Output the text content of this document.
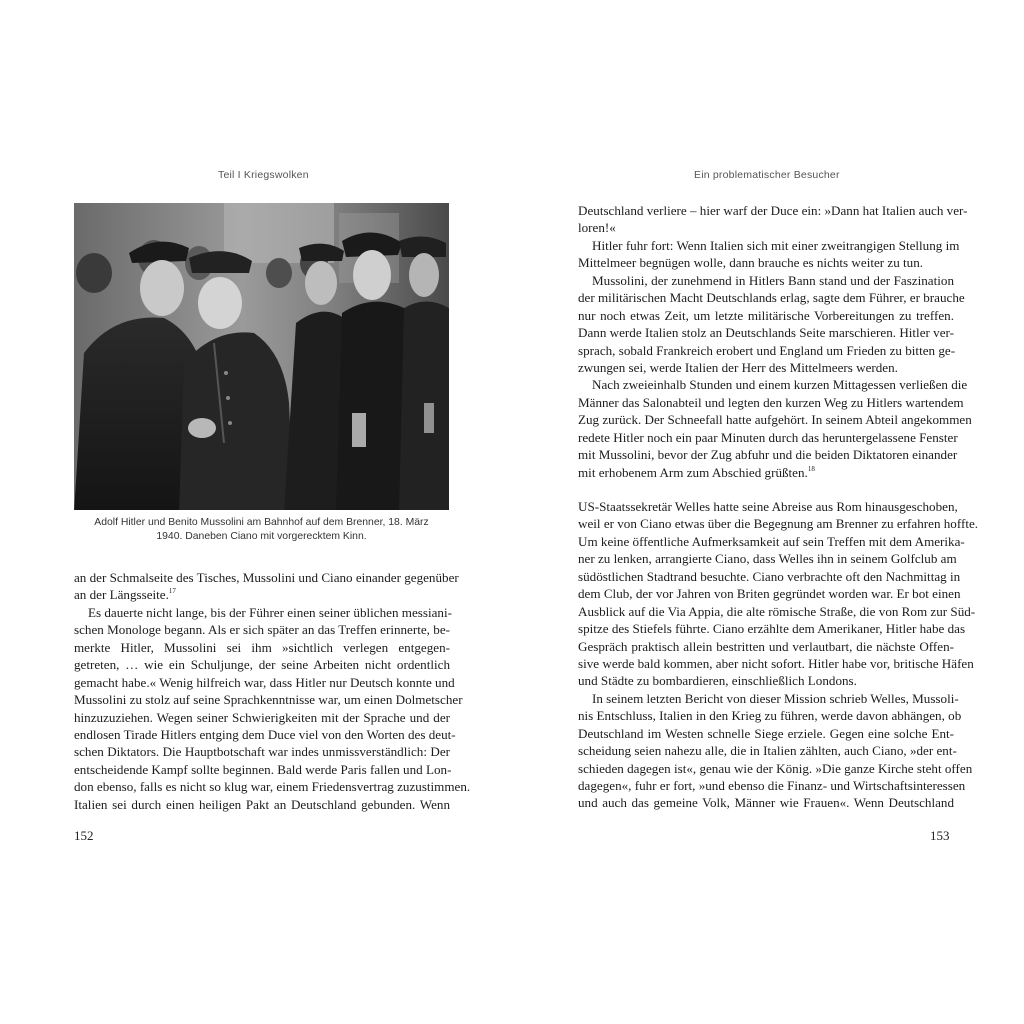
Teil I Kriegswolken
Adolf Hitler und Benito Mussolini am Bahnhof auf dem Brenner, 18. März
1940. Daneben Ciano mit vorgerecktem Kinn.
an der Schmalseite des Tisches, Mussolini und Ciano einander gegenüber
an der Längsseite.$^{17}$
Es dauerte nicht lange, bis der Führer einen seiner üblichen messiani-
schen Monologe begann. Als er sich später an das Treffen erinnerte, be-
merkte Hitler, Mussolini sei ihm »sichtlich verlegen entgegen-
getreten, … wie ein Schuljunge, der seine Arbeiten nicht ordentlich
gemacht habe.« Wenig hilfreich war, dass Hitler nur Deutsch konnte und
Mussolini zu stolz auf seine Sprachkenntnisse war, um einen Dolmetscher
hinzuzuziehen. Wegen seiner Schwierigkeiten mit der Sprache und der
endlosen Tirade Hitlers entging dem Duce viel von den Worten des deut-
schen Diktators. Die Hauptbotschaft war indes unmissverständlich: Der
entscheidende Kampf sollte beginnen. Bald werde Paris fallen und Lon-
don ebenso, falls es nicht so klug war, einem Friedensvertrag zuzustimmen.
Italien sei durch einen heiligen Pakt an Deutschland gebunden. Wenn
152
Ein problematischer Besucher
Deutschland verliere – hier warf der Duce ein: »Dann hat Italien auch ver-
loren!«
Hitler fuhr fort: Wenn Italien sich mit einer zweitrangigen Stellung im
Mittelmeer begnügen wolle, dann brauche es nichts weiter zu tun.
Mussolini, der zunehmend in Hitlers Bann stand und der Faszination
der militärischen Macht Deutschlands erlag, sagte dem Führer, er brauche
nur noch etwas Zeit, um letzte militärische Vorbereitungen zu treffen.
Dann werde Italien stolz an Deutschlands Seite marschieren. Hitler ver-
sprach, sobald Frankreich erobert und England um Frieden zu bitten ge-
zwungen sei, werde Italien der Herr des Mittelmeers werden.
Nach zweieinhalb Stunden und einem kurzen Mittagessen verließen die
Männer das Salonabteil und legten den kurzen Weg zu Hitlers wartendem
Zug zurück. Der Schneefall hatte aufgehört. In seinem Abteil angekommen
redete Hitler noch ein paar Minuten durch das heruntergelassene Fenster
mit Mussolini, bevor der Zug abfuhr und die beiden Diktatoren einander
mit erhobenem Arm zum Abschied grüßten.$^{18}$
US-Staatssekretär Welles hatte seine Abreise aus Rom hinausgeschoben,
weil er von Ciano etwas über die Begegnung am Brenner zu erfahren hoffte.
Um keine öffentliche Aufmerksamkeit auf sein Treffen mit dem Amerika-
ner zu lenken, arrangierte Ciano, dass Welles ihn in seinem Golfclub am
südöstlichen Stadtrand besuchte. Ciano verbrachte oft den Nachmittag in
dem Club, der vor Jahren von Briten gegründet worden war. Er bot einen
Ausblick auf die Via Appia, die alte römische Straße, die von Rom zur Süd-
spitze des Stiefels führte. Ciano erzählte dem Amerikaner, Hitler habe das
Gespräch praktisch allein bestritten und verlautbart, die nächste Offen-
sive werde bald kommen, aber nicht sofort. Hitler habe vor, britische Häfen
und Städte zu bombardieren, einschließlich Londons.
In seinem letzten Bericht von dieser Mission schrieb Welles, Mussoli-
nis Entschluss, Italien in den Krieg zu führen, werde davon abhängen, ob
Deutschland im Westen schnelle Siege erziele. Gegen eine solche Ent-
scheidung seien nahezu alle, die in Italien zählten, auch Ciano, »der ent-
schieden dagegen ist«, genau wie der König. »Die ganze Kirche steht offen
dagegen«, fuhr er fort, »und ebenso die Finanz- und Wirtschaftsinteressen
und auch das gemeine Volk, Männer wie Frauen«. Wenn Deutschland
153
